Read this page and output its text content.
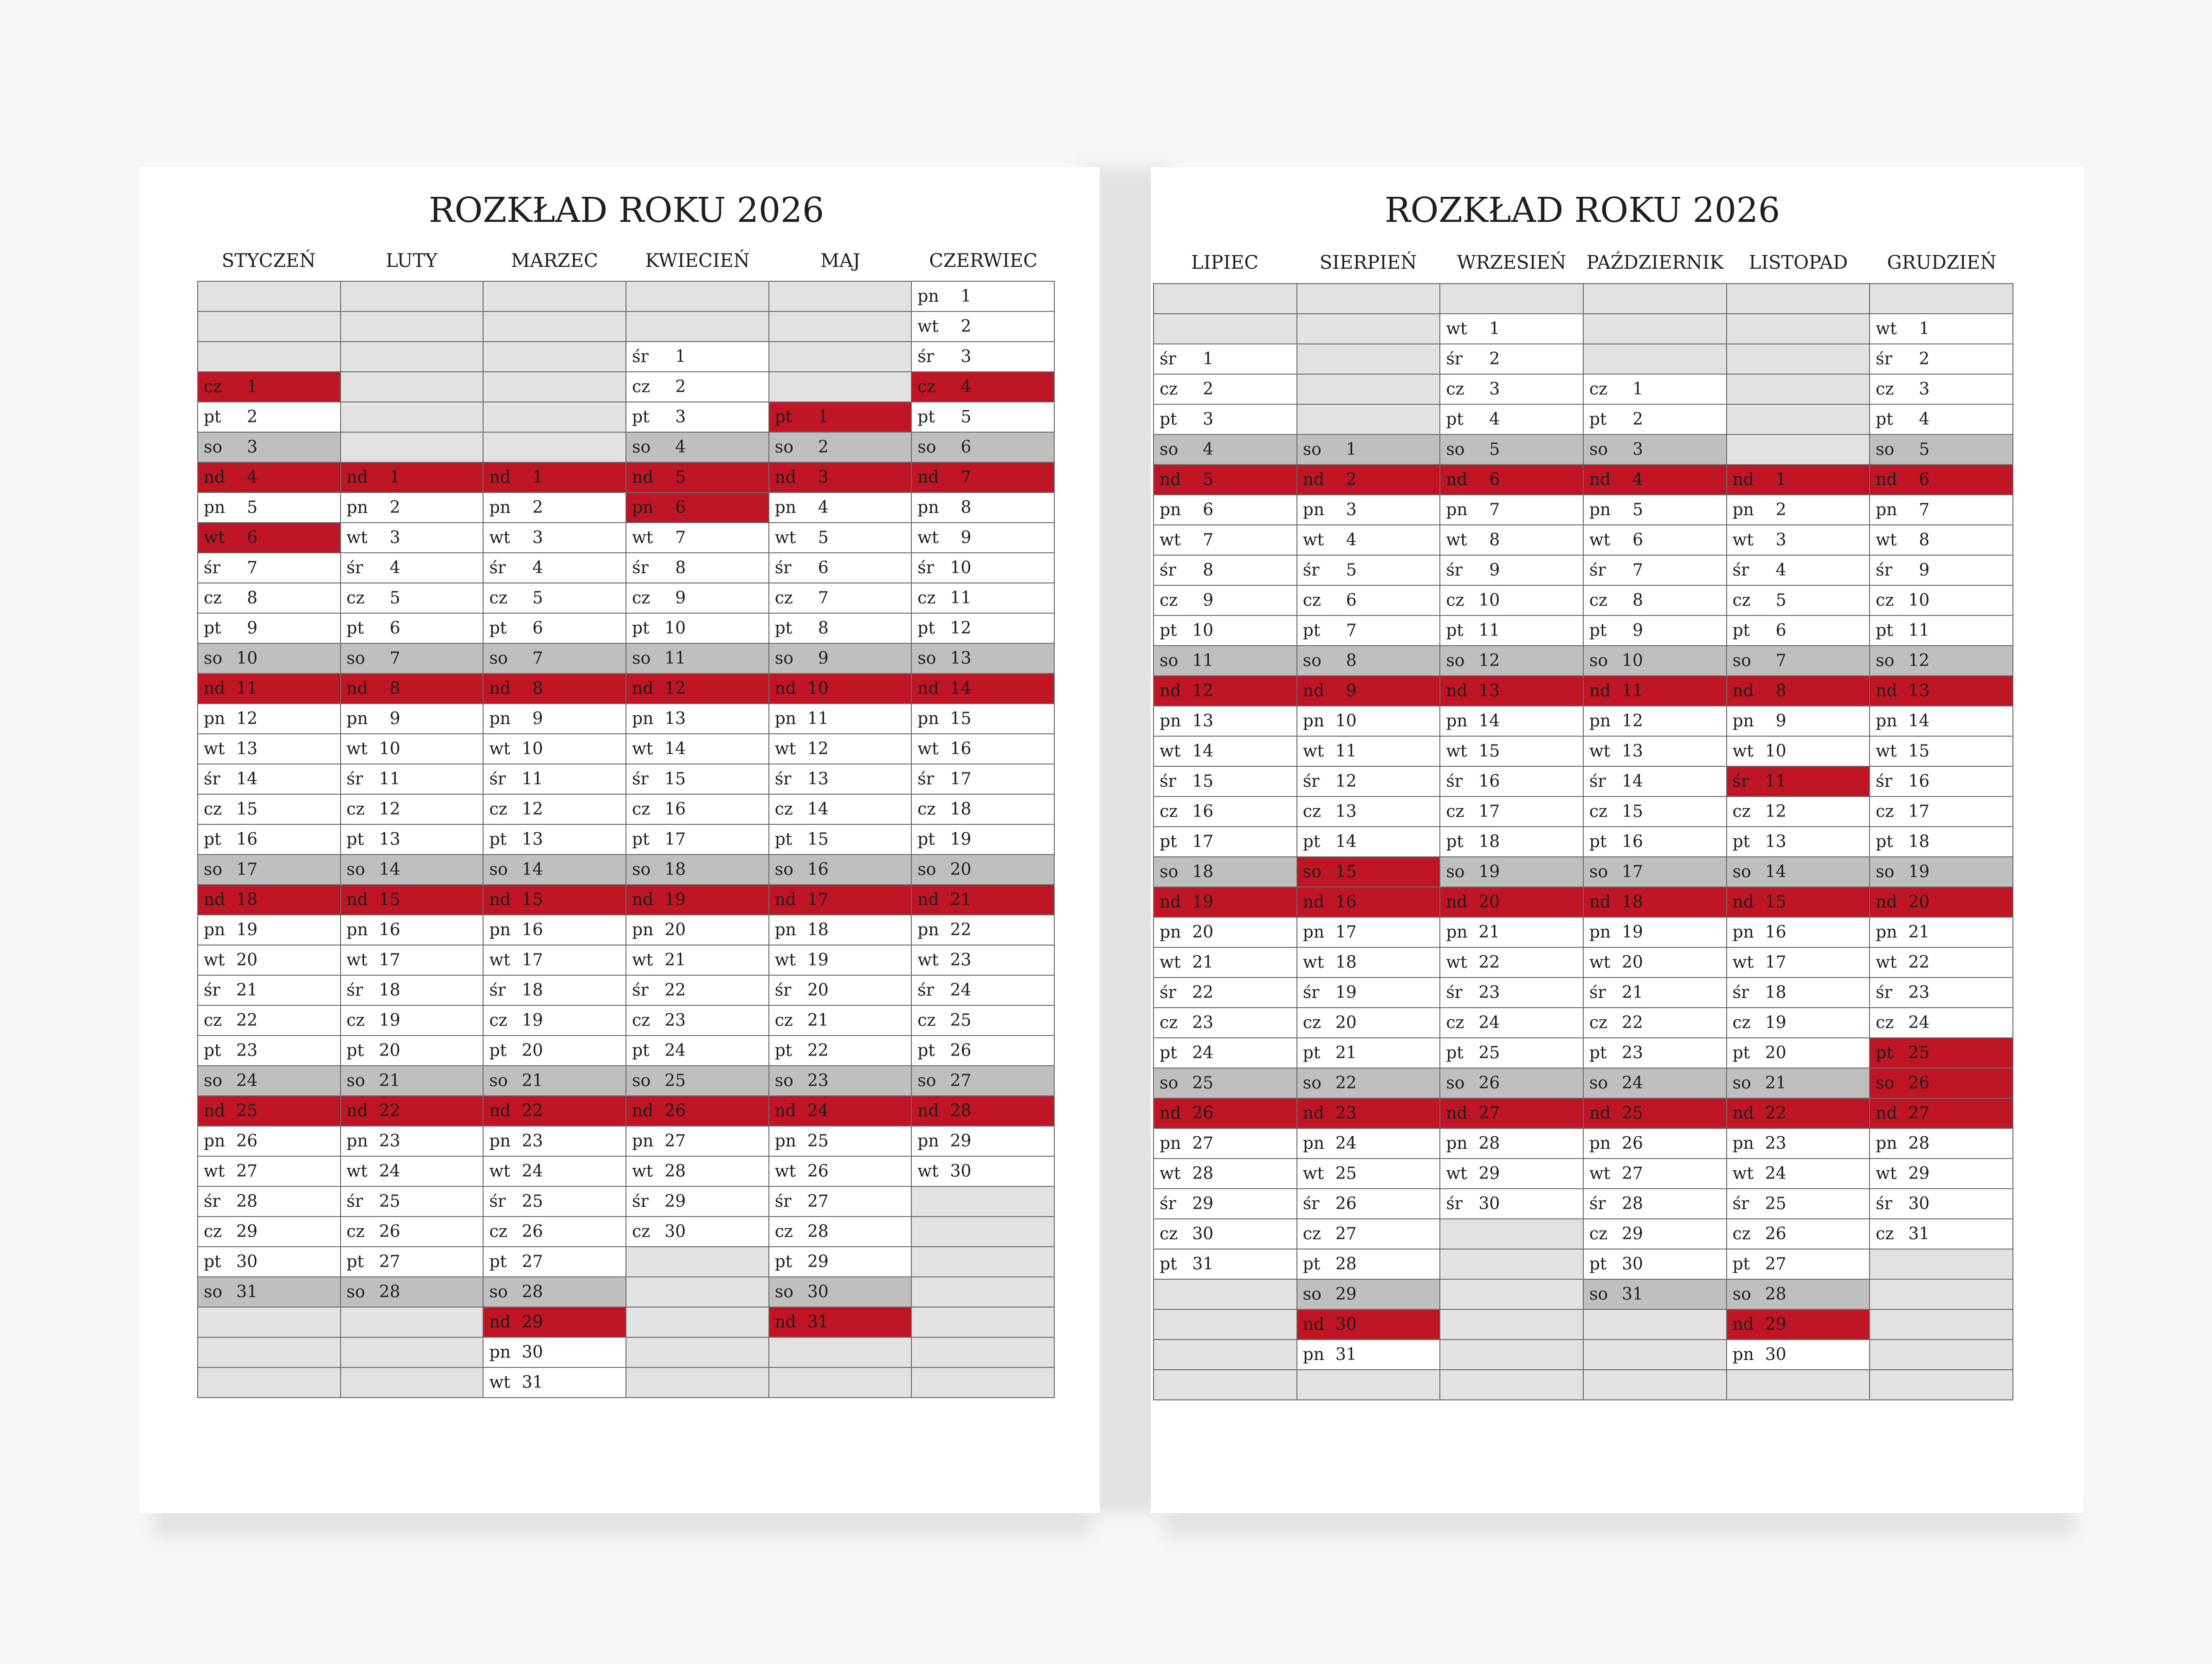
ROZKŁAD ROKU 2026	ROZKŁAD ROKU 2026
STYCZEŃ	LUTY	MARZEC	KWIECIEŃ	MAJ	CZERWIEC	LIPIEC	SIERPIEŃ	WRZESIEŃ	PAŹDZIERNIK	LISTOPAD	GRUDZIEŃ
					pn 1
					wt 2
			śr 1		śr 3
cz 1			cz 2		cz 4
pt 2			pt 3	pt 1	pt 5
so 3			so 4	so 2	so 6
nd 4	nd 1	nd 1	nd 5	nd 3	nd 7
pn 5	pn 2	pn 2	pn 6	pn 4	pn 8
wt 6	wt 3	wt 3	wt 7	wt 5	wt 9
śr 7	śr 4	śr 4	śr 8	śr 6	śr 10
cz 8	cz 5	cz 5	cz 9	cz 7	cz 11
pt 9	pt 6	pt 6	pt 10	pt 8	pt 12
so 10	so 7	so 7	so 11	so 9	so 13
nd 11	nd 8	nd 8	nd 12	nd 10	nd 14
pn 12	pn 9	pn 9	pn 13	pn 11	pn 15
wt 13	wt 10	wt 10	wt 14	wt 12	wt 16
śr 14	śr 11	śr 11	śr 15	śr 13	śr 17
cz 15	cz 12	cz 12	cz 16	cz 14	cz 18
pt 16	pt 13	pt 13	pt 17	pt 15	pt 19
so 17	so 14	so 14	so 18	so 16	so 20
nd 18	nd 15	nd 15	nd 19	nd 17	nd 21
pn 19	pn 16	pn 16	pn 20	pn 18	pn 22
wt 20	wt 17	wt 17	wt 21	wt 19	wt 23
śr 21	śr 18	śr 18	śr 22	śr 20	śr 24
cz 22	cz 19	cz 19	cz 23	cz 21	cz 25
pt 23	pt 20	pt 20	pt 24	pt 22	pt 26
so 24	so 21	so 21	so 25	so 23	so 27
nd 25	nd 22	nd 22	nd 26	nd 24	nd 28
pn 26	pn 23	pn 23	pn 27	pn 25	pn 29
wt 27	wt 24	wt 24	wt 28	wt 26	wt 30
śr 28	śr 25	śr 25	śr 29	śr 27	
cz 29	cz 26	cz 26	cz 30	cz 28	
pt 30	pt 27	pt 27		pt 29	
so 31	so 28	so 28		so 30	
		nd 29		nd 31	
		pn 30			
		wt 31			

		wt 1			wt 1
śr 1		śr 2			śr 2
cz 2		cz 3	cz 1		cz 3
pt 3		pt 4	pt 2		pt 4
so 4	so 1	so 5	so 3		so 5
nd 5	nd 2	nd 6	nd 4	nd 1	nd 6
pn 6	pn 3	pn 7	pn 5	pn 2	pn 7
wt 7	wt 4	wt 8	wt 6	wt 3	wt 8
śr 8	śr 5	śr 9	śr 7	śr 4	śr 9
cz 9	cz 6	cz 10	cz 8	cz 5	cz 10
pt 10	pt 7	pt 11	pt 9	pt 6	pt 11
so 11	so 8	so 12	so 10	so 7	so 12
nd 12	nd 9	nd 13	nd 11	nd 8	nd 13
pn 13	pn 10	pn 14	pn 12	pn 9	pn 14
wt 14	wt 11	wt 15	wt 13	wt 10	wt 15
śr 15	śr 12	śr 16	śr 14	śr 11	śr 16
cz 16	cz 13	cz 17	cz 15	cz 12	cz 17
pt 17	pt 14	pt 18	pt 16	pt 13	pt 18
so 18	so 15	so 19	so 17	so 14	so 19
nd 19	nd 16	nd 20	nd 18	nd 15	nd 20
pn 20	pn 17	pn 21	pn 19	pn 16	pn 21
wt 21	wt 18	wt 22	wt 20	wt 17	wt 22
śr 22	śr 19	śr 23	śr 21	śr 18	śr 23
cz 23	cz 20	cz 24	cz 22	cz 19	cz 24
pt 24	pt 21	pt 25	pt 23	pt 20	pt 25
so 25	so 22	so 26	so 24	so 21	so 26
nd 26	nd 23	nd 27	nd 25	nd 22	nd 27
pn 27	pn 24	pn 28	pn 26	pn 23	pn 28
wt 28	wt 25	wt 29	wt 27	wt 24	wt 29
śr 29	śr 26	śr 30	śr 28	śr 25	śr 30
cz 30	cz 27		cz 29	cz 26	cz 31
pt 31	pt 28		pt 30	pt 27	
	so 29		so 31	so 28	
	nd 30			nd 29	
	pn 31			pn 30	
